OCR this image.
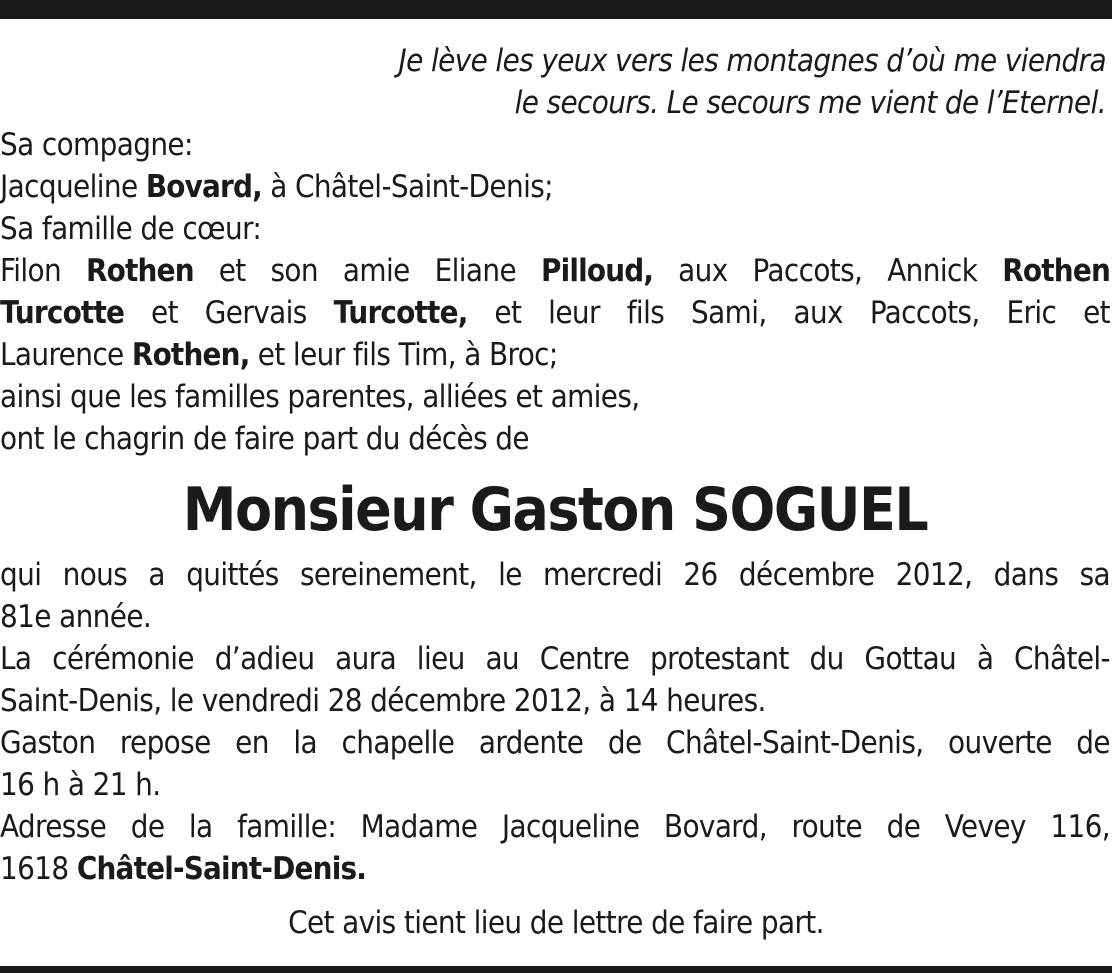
Je lève les yeux vers les montagnes d’où me viendra
le secours. Le secours me vient de l’Eternel.
Sa compagne:
Jacqueline Bovard, à Châtel-Saint-Denis;
Sa famille de cœur:
Filon Rothen et son amie Eliane Pilloud, aux Paccots, Annick Rothen
Turcotte et Gervais Turcotte, et leur fils Sami, aux Paccots, Eric et
Laurence Rothen, et leur fils Tim, à Broc;
ainsi que les familles parentes, alliées et amies,
ont le chagrin de faire part du décès de
Monsieur Gaston SOGUEL
qui nous a quittés sereinement, le mercredi 26 décembre 2012, dans sa
81e année.
La cérémonie d’adieu aura lieu au Centre protestant du Gottau à Châtel-
Saint-Denis, le vendredi 28 décembre 2012, à 14 heures.
Gaston repose en la chapelle ardente de Châtel-Saint-Denis, ouverte de
16 h à 21 h.
Adresse de la famille: Madame Jacqueline Bovard, route de Vevey 116,
1618 Châtel-Saint-Denis.
Cet avis tient lieu de lettre de faire part.
